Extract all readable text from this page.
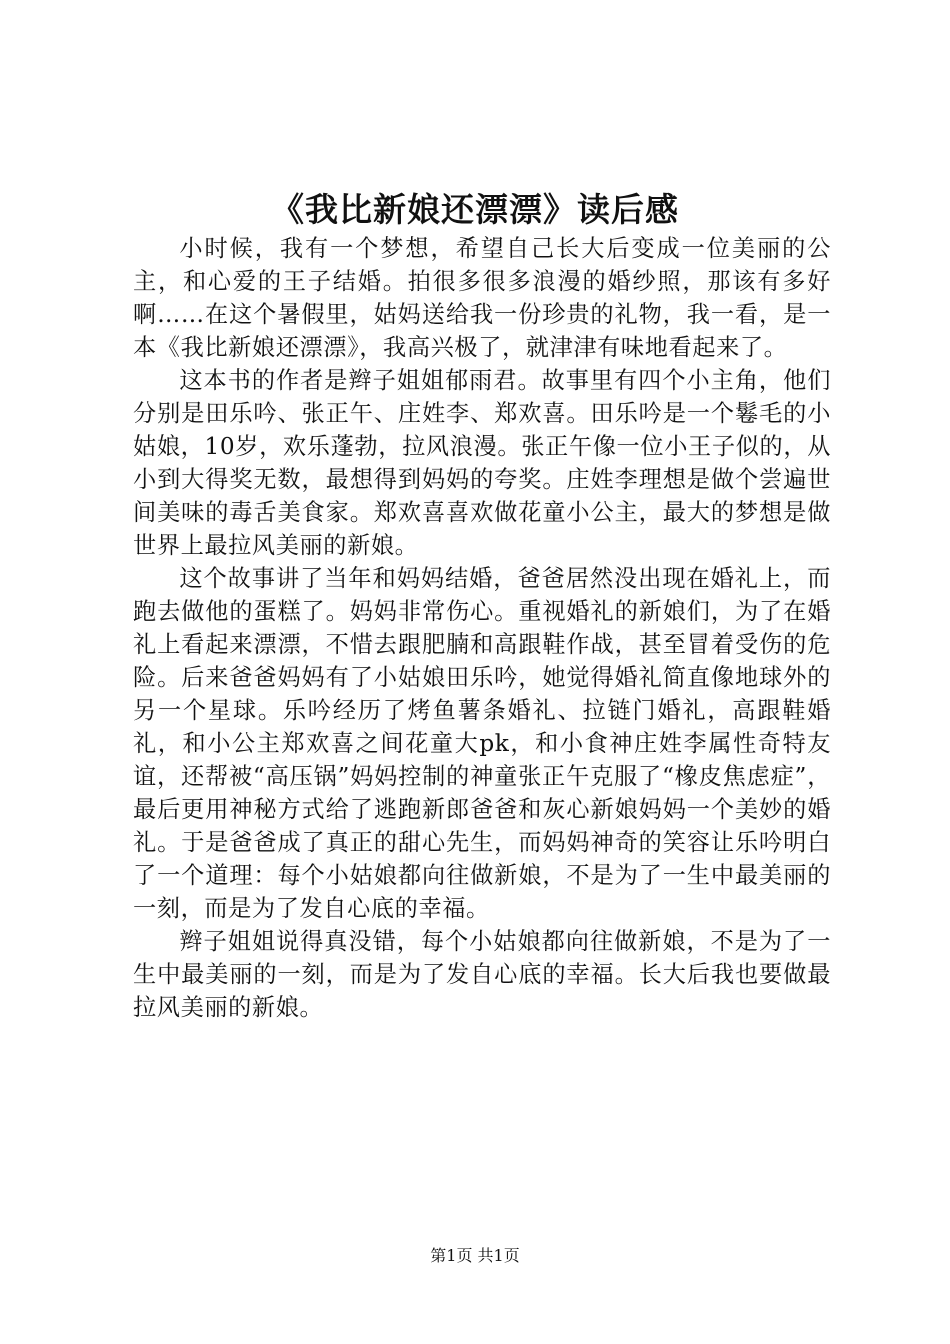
《我比新娘还漂漂》读后感

小时候，我有一个梦想，希望自己长大后变成一位美丽的公主，和心爱的王子结婚。拍很多很多浪漫的婚纱照，那该有多好啊……在这个暑假里，姑妈送给我一份珍贵的礼物，我一看，是一本《我比新娘还漂漂》，我高兴极了，就津津有味地看起来了。

这本书的作者是辫子姐姐郁雨君。故事里有四个小主角，他们分别是田乐吟、张正午、庄姓李、郑欢喜。田乐吟是一个鬈毛的小姑娘，10岁，欢乐蓬勃，拉风浪漫。张正午像一位小王子似的，从小到大得奖无数，最想得到妈妈的夸奖。庄姓李理想是做个尝遍世间美味的毒舌美食家。郑欢喜喜欢做花童小公主，最大的梦想是做世界上最拉风美丽的新娘。

这个故事讲了当年和妈妈结婚，爸爸居然没出现在婚礼上，而跑去做他的蛋糕了。妈妈非常伤心。重视婚礼的新娘们，为了在婚礼上看起来漂漂，不惜去跟肥腩和高跟鞋作战，甚至冒着受伤的危险。后来爸爸妈妈有了小姑娘田乐吟，她觉得婚礼简直像地球外的另一个星球。乐吟经历了烤鱼薯条婚礼、拉链门婚礼，高跟鞋婚礼，和小公主郑欢喜之间花童大pk，和小食神庄姓李属性奇特友谊，还帮被“高压锅”妈妈控制的神童张正午克服了“橡皮焦虑症”，最后更用神秘方式给了逃跑新郎爸爸和灰心新娘妈妈一个美妙的婚礼。于是爸爸成了真正的甜心先生，而妈妈神奇的笑容让乐吟明白了一个道理：每个小姑娘都向往做新娘，不是为了一生中最美丽的一刻，而是为了发自心底的幸福。

辫子姐姐说得真没错，每个小姑娘都向往做新娘，不是为了一生中最美丽的一刻，而是为了发自心底的幸福。长大后我也要做最拉风美丽的新娘。

第1页 共1页
